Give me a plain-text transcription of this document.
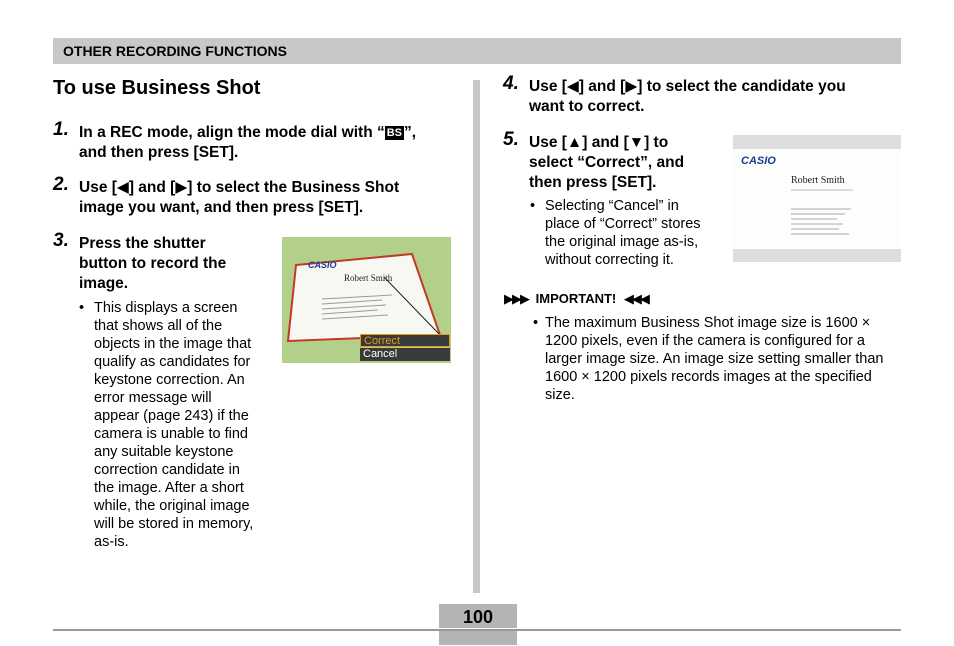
OTHER RECORDING FUNCTIONS
To use Business Shot
1. In a REC mode, align the mode dial with “ BS ”,
and then press [SET].
2. Use [◀] and [▶] to select the Business Shot
image you want, and then press [SET].
3. Press the shutter
button to record the
image.
• This displays a screen
that shows all of the
objects in the image that
qualify as candidates for
keystone correction. An
error message will
appear (page 243) if the
camera is unable to find
any suitable keystone
correction candidate in
the image. After a short
while, the original image
will be stored in memory,
as-is.
CASIO
Robert Smith
Correct
Cancel
4. Use [◀] and [▶] to select the candidate you
want to correct.
5. Use [▲] and [▼] to
select “Correct”, and
then press [SET].
• Selecting “Cancel” in
place of “Correct” stores
the original image as-is,
without correcting it.
CASIO
Robert Smith
▶▶▶ IMPORTANT! ◀◀◀
• The maximum Business Shot image size is 1600 ×
1200 pixels, even if the camera is configured for a
larger image size. An image size setting smaller than
1600 × 1200 pixels records images at the specified
size.
100
